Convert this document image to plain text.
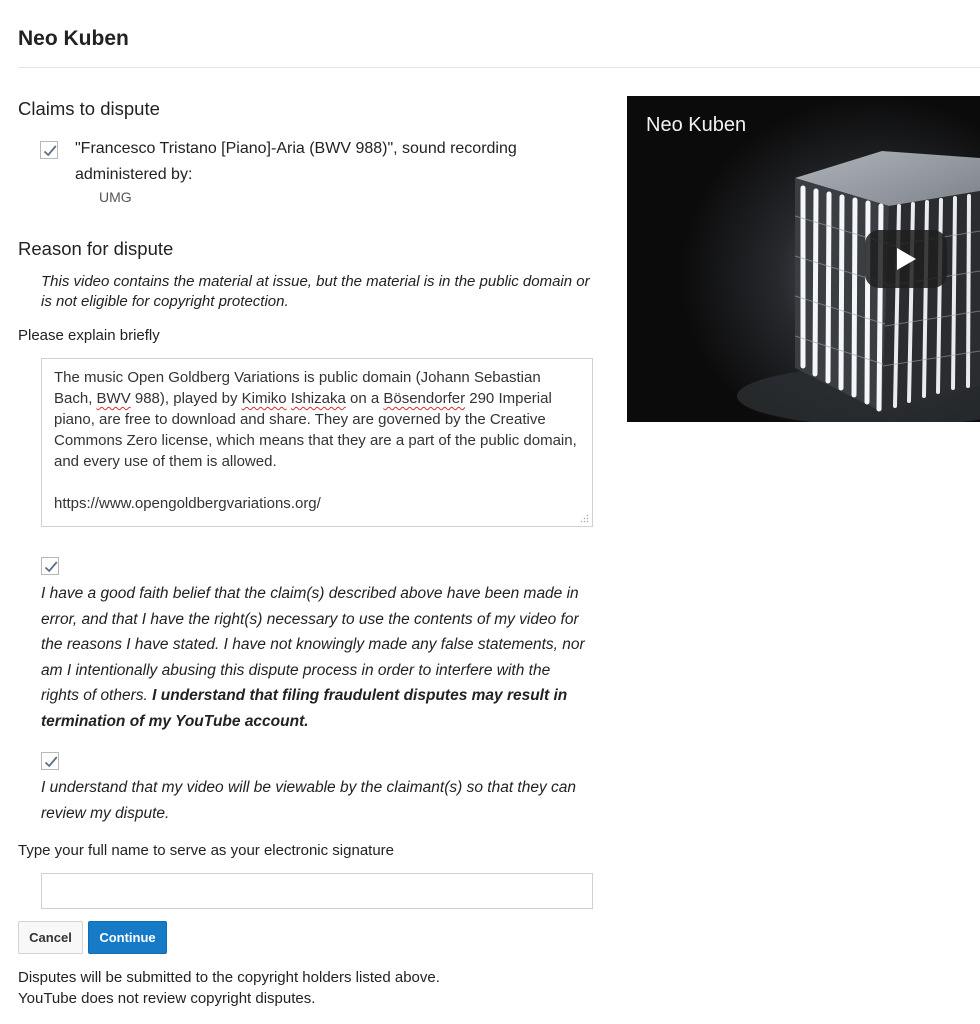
Neo Kuben
Claims to dispute
"Francesco Tristano [Piano]-Aria (BWV 988)", sound recording administered by:
UMG
Reason for dispute
This video contains the material at issue, but the material is in the public domain or is not eligible for copyright protection.
Please explain briefly

The music Open Goldberg Variations is public domain (Johann Sebastian Bach, BWV 988), played by Kimiko Ishizaka on a Bösendorfer 290 Imperial piano, are free to download and share. They are governed by the Creative Commons Zero license, which means that they are a part of the public domain, and every use of them is allowed.

https://www.opengoldbergvariations.org/

I have a good faith belief that the claim(s) described above have been made in error, and that I have the right(s) necessary to use the contents of my video for the reasons I have stated. I have not knowingly made any false statements, nor am I intentionally abusing this dispute process in order to interfere with the rights of others. I understand that filing fraudulent disputes may result in termination of my YouTube account.
I understand that my video will be viewable by the claimant(s) so that they can review my dispute.
Type your full name to serve as your electronic signature
Cancel	Continue
Disputes will be submitted to the copyright holders listed above.
YouTube does not review copyright disputes.
Neo Kuben
